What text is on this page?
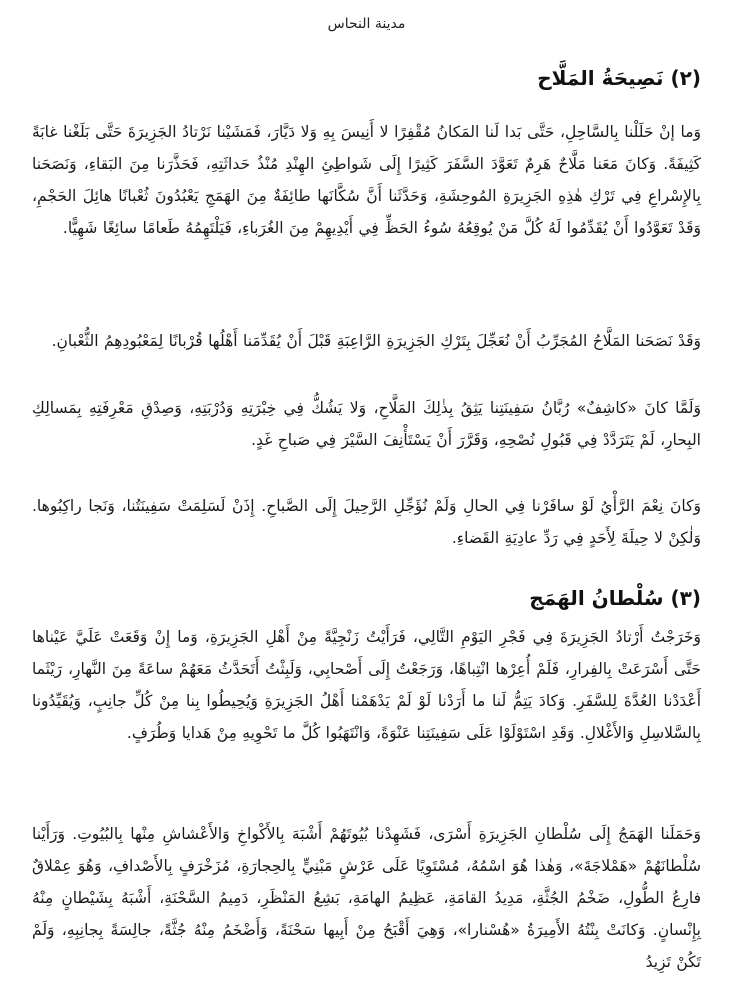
مدينة النحاس
(٢) نَصِيحَةُ المَلَّاح

وَما إنْ حَلَلْنا بِالسَّاحِلِ، حَتَّى بَدا لَنا المَكانُ مُقْفِرًا لا أَنِيسَ بِهِ وَلا دَيَّارَ، فَمَشَيْنا نَرْتادُ الجَزِيرَةَ حَتَّى بَلَغْنا غابَةً كَثِيفَةً. وَكانَ مَعَنا مَلَّاحٌ هَرِمٌ تَعَوَّدَ السَّفَرَ كَثِيرًا إِلَى شَواطِئِ الهِنْدِ مُنْذُ حَداثَتِهِ، فَحَذَّرَنا مِنَ البَقاءِ، وَنَصَحَنا بِالإِسْراعِ فِي تَرْكِ هٰذِهِ الجَزِيرَةِ المُوحِشَةِ، وَحَدَّثَنا أَنَّ سُكَّانَها طائِفَةٌ مِنَ الهَمَجِ يَعْبُدُونَ ثُعْبانًا هائِلَ الحَجْمِ، وَقَدْ تَعَوَّدُوا أَنْ يُقَدِّمُوا لَهُ كُلَّ مَنْ يُوقِعُهُ سُوءُ الحَظِّ فِي أَيْدِيهِمْ مِنَ الغُرَباءِ، فَيَلْتَهِمُهُ طَعامًا سائِغًا شَهِيًّا.

وَقَدْ نَصَحَنا المَلَّاحُ المُجَرِّبُ أَنْ نُعَجِّلَ بِتَرْكِ الجَزِيرَةِ الرَّاعِبَةِ قَبْلَ أَنْ يُقَدِّمَنا أَهْلُها قُرْبانًا لِمَعْبُودِهِمُ الثُّعْبانِ.

وَلَمَّا كانَ «كاشِفٌ» رُبَّانُ سَفِينَتِنا يَثِقُ بِذٰلِكَ المَلَّاحِ، وَلا يَشُكُّ فِي خِبْرَتِهِ وَدُرْبَتِهِ، وَصِدْقِ مَعْرِفَتِهِ بِمَسالِكِ البِحارِ، لَمْ يَتَرَدَّدْ فِي قَبُولِ نُصْحِهِ، وَقَرَّرَ أَنْ يَسْتَأْنِفَ السَّيْرَ فِي صَباحِ غَدٍ.

وَكانَ نِعْمَ الرَّأْيُ لَوْ سافَرْنا فِي الحالِ وَلَمْ نُؤَجِّلِ الرَّحِيلَ إِلَى الصَّباحِ. إِذَنْ لَسَلِمَتْ سَفِينَتُنا، وَنَجا راكِبُوها. وَلٰكِنْ لا حِيلَةَ لِأَحَدٍ فِي رَدِّ عادِيَةِ القَضاءِ.

(٣) سُلْطانُ الهَمَج

وَخَرَجْتُ أَرْتادُ الجَزِيرَةَ فِي فَجْرِ اليَوْمِ التَّالِي، فَرَأَيْتُ زَنْجِيَّةً مِنْ أَهْلِ الجَزِيرَةِ، وَما إِنْ وَقَعَتْ عَلَيَّ عَيْناها حَتَّى أَسْرَعَتْ بِالفِرارِ، فَلَمْ أُعِرْها انْتِباهًا، وَرَجَعْتُ إِلَى أَصْحابِي، وَلَبِثْتُ أَتَحَدَّثُ مَعَهُمْ ساعَةً مِنَ النَّهارِ، رَيْثَما أَعْدَدْنا العُدَّةَ لِلسَّفَرِ. وَكادَ يَتِمُّ لَنا ما أَرَدْنا لَوْ لَمْ يَدْهَمْنا أَهْلُ الجَزِيرَةِ وَيُحِيطُوا بِنا مِنْ كُلِّ جانِبٍ، وَيُقَيِّدُونا بِالسَّلاسِلِ وَالأَغْلالِ. وَقَدِ اسْتَوْلَوْا عَلَى سَفِينَتِنا عَنْوَةً، وَانْتَهَبُوا كُلَّ ما تَحْوِيهِ مِنْ هَدايا وَطُرَفٍ.

وَحَمَلَنا الهَمَجُ إِلَى سُلْطانِ الجَزِيرَةِ أَسْرَى، فَشَهِدْنا بُيُوتَهُمْ أَشْبَهَ بِالأَكْواخِ وَالأَعْشاشِ مِنْها بِالبُيُوتِ. وَرَأَيْنا سُلْطانَهُمْ «هَمْلاجَةَ»، وَهٰذا هُوَ اسْمُهُ، مُسْتَوِيًا عَلَى عَرْشٍ مَبْنِيٍّ بِالحِجارَةِ، مُزَخْرَفٍ بِالأَصْدافِ، وَهُوَ عِمْلاقٌ فارِعُ الطُّولِ، ضَخْمُ الجُثَّةِ، مَدِيدُ القامَةِ، عَظِيمُ الهامَةِ، بَشِعُ المَنْظَرِ، دَمِيمُ السَّحْنَةِ، أَشْبَهُ بِشَيْطانٍ مِنْهُ بِإِنْسانٍ. وَكانَتْ بِنْتُهُ الأَمِيرَةُ «هُسْنارا»، وَهِيَ أَقْبَحُ مِنْ أَبِيها سَحْنَةً، وَأَضْخَمُ مِنْهُ جُثَّةً، جالِسَةً بِجانِبِهِ، وَلَمْ تَكُنْ تَزِيدُ
